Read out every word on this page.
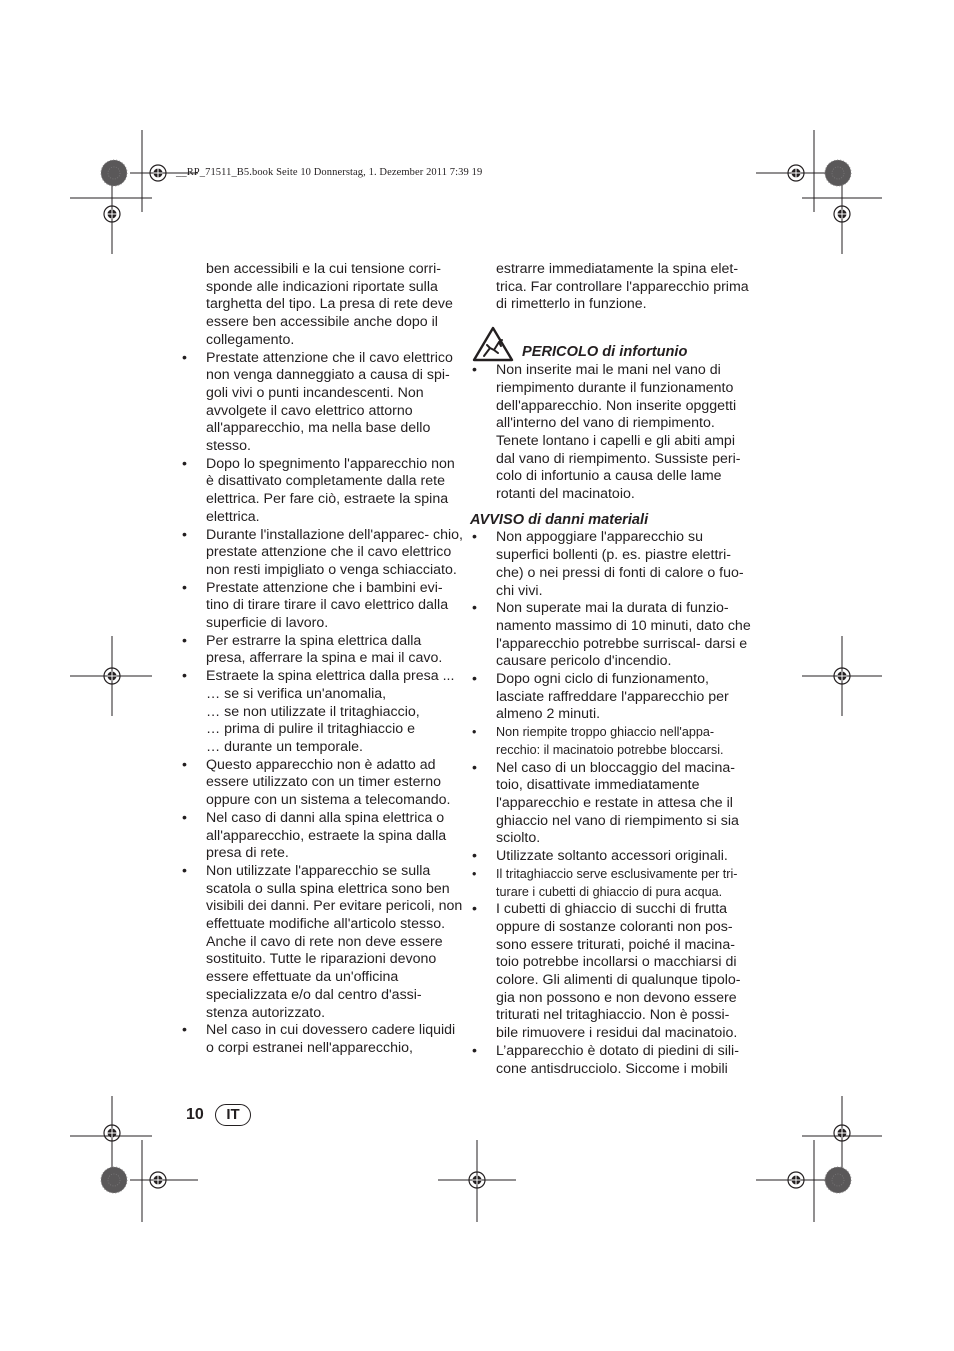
__RP_71511_B5.book Seite 10 Donnerstag, 1. Dezember 2011 7:39 19

ben accessibili e la cui tensione corri- sponde alle indicazioni riportate sulla targhetta del tipo. La presa di rete deve essere ben accessibile anche dopo il collegamento.

• Prestate attenzione che il cavo elettrico non venga danneggiato a causa di spi- goli vivi o punti incandescenti. Non avvolgete il cavo elettrico attorno all'apparecchio, ma nella base dello stesso.
• Dopo lo spegnimento l'apparecchio non è disattivato completamente dalla rete elettrica. Per fare ciò, estraete la spina elettrica.
• Durante l'installazione dell'apparec- chio, prestate attenzione che il cavo elettrico non resti impigliato o venga schiacciato.
• Prestate attenzione che i bambini evi- tino di tirare tirare il cavo elettrico dalla superficie di lavoro.
• Per estrarre la spina elettrica dalla presa, afferrare la spina e mai il cavo.
• Estraete la spina elettrica dalla presa ...
… se si verifica un'anomalia,
… se non utilizzate il tritaghiaccio,
… prima di pulire il tritaghiaccio e
… durante un temporale.
• Questo apparecchio non è adatto ad essere utilizzato con un timer esterno oppure con un sistema a telecomando.
• Nel caso di danni alla spina elettrica o all'apparecchio, estraete la spina dalla presa di rete.
• Non utilizzate l'apparecchio se sulla scatola o sulla spina elettrica sono ben visibili dei danni. Per evitare pericoli, non effettuate modifiche all'articolo stesso. Anche il cavo di rete non deve essere sostituito. Tutte le riparazioni devono essere effettuate da un'officina specializzata e/o dal centro d'assi- stenza autorizzato.
• Nel caso in cui dovessero cadere liquidi o corpi estranei nell'apparecchio,

estrarre immediatamente la spina elet- trica. Far controllare l'apparecchio prima di rimetterlo in funzione.

PERICOLO di infortunio

• Non inserite mai le mani nel vano di riempimento durante il funzionamento dell'apparecchio. Non inserite opggetti all'interno del vano di riempimento. Tenete lontano i capelli e gli abiti ampi dal vano di riempimento. Sussiste peri- colo di infortunio a causa delle lame rotanti del macinatoio.

AVVISO di danni materiali

• Non appoggiare l'apparecchio su superfici bollenti (p. es. piastre elettri- che) o nei pressi di fonti di calore o fuo- chi vivi.
• Non superate mai la durata di funzio- namento massimo di 10 minuti, dato che l'apparecchio potrebbe surriscal- darsi e causare pericolo d'incendio.
• Dopo ogni ciclo di funzionamento, lasciate raffreddare l'apparecchio per almeno 2 minuti.
• Non riempite troppo ghiaccio nell'appa- recchio: il macinatoio potrebbe bloccarsi.
• Nel caso di un bloccaggio del macina- toio, disattivate immediatamente l'apparecchio e restate in attesa che il ghiaccio nel vano di riempimento si sia sciolto.
• Utilizzate soltanto accessori originali.
• Il tritaghiaccio serve esclusivamente per tri- turare i cubetti di ghiaccio di pura acqua.
• I cubetti di ghiaccio di succhi di frutta oppure di sostanze coloranti non pos- sono essere triturati, poiché il macina- toio potrebbe incollarsi o macchiarsi di colore. Gli alimenti di qualunque tipolo- gia non possono e non devono essere triturati nel tritaghiaccio. Non è possi- bile rimuovere i residui dal macinatoio.
• L’apparecchio è dotato di piedini di sili- cone antisdrucciolo. Siccome i mobili
10	IT
